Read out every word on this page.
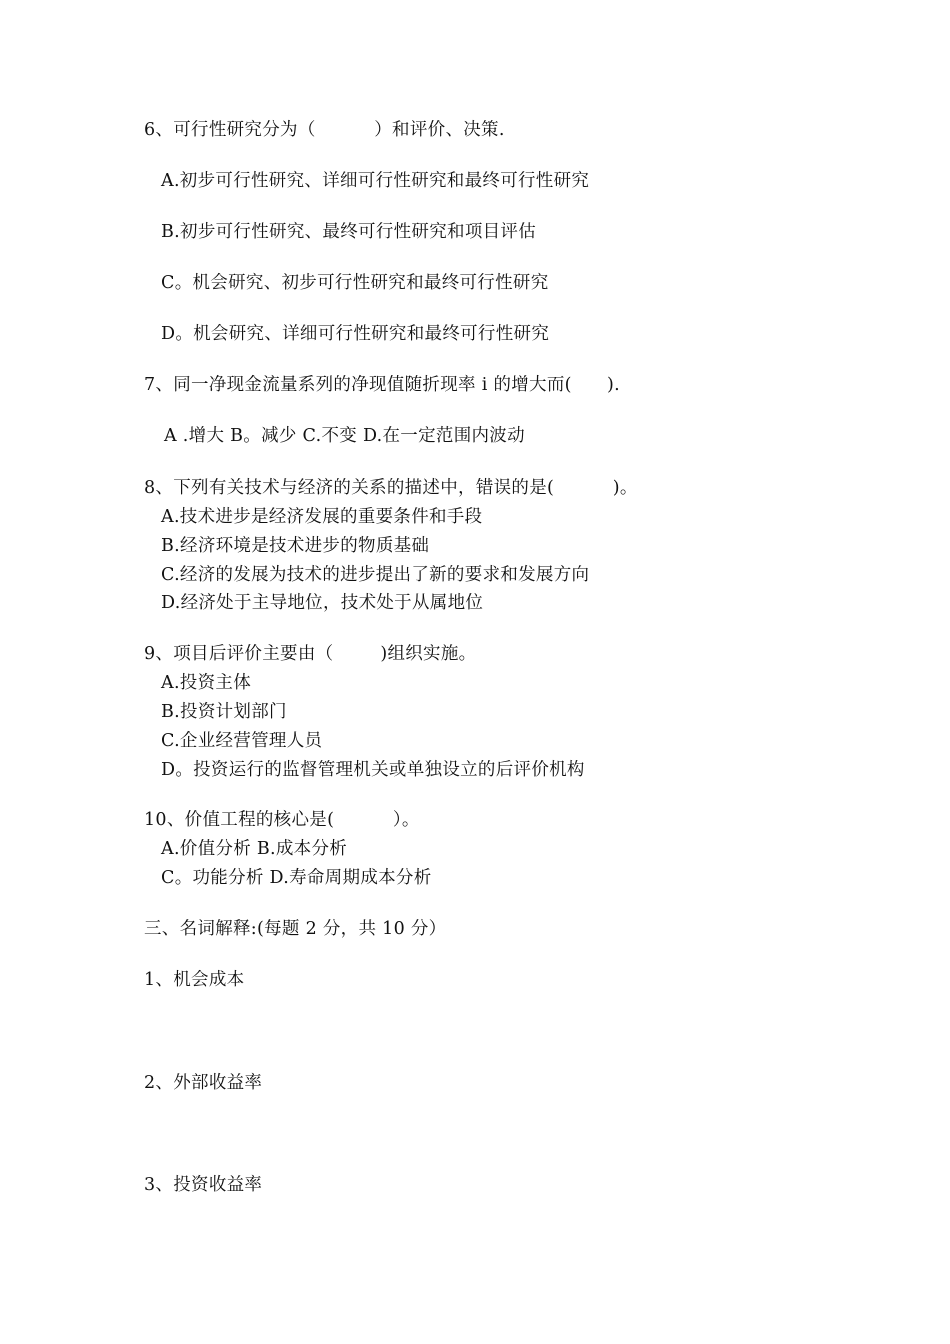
6、可行性研究分为（          ）和评价、决策.
A.初步可行性研究、详细可行性研究和最终可行性研究
B.初步可行性研究、最终可行性研究和项目评估
C。机会研究、初步可行性研究和最终可行性研究
D。机会研究、详细可行性研究和最终可行性研究
7、同一净现金流量系列的净现值随折现率 i 的增大而(      ).
A .增大 B。减少 C.不变 D.在一定范围内波动
8、下列有关技术与经济的关系的描述中，错误的是(          )。
A.技术进步是经济发展的重要条件和手段
B.经济环境是技术进步的物质基础
C.经济的发展为技术的进步提出了新的要求和发展方向
D.经济处于主导地位，技术处于从属地位
9、项目后评价主要由（        )组织实施。
A.投资主体
B.投资计划部门
C.企业经营管理人员
D。投资运行的监督管理机关或单独设立的后评价机构
10、价值工程的核心是(          ）。
A.价值分析 B.成本分析
C。功能分析 D.寿命周期成本分析
三、名词解释:(每题 2 分，共 10 分）
1、机会成本
2、外部收益率
3、投资收益率
